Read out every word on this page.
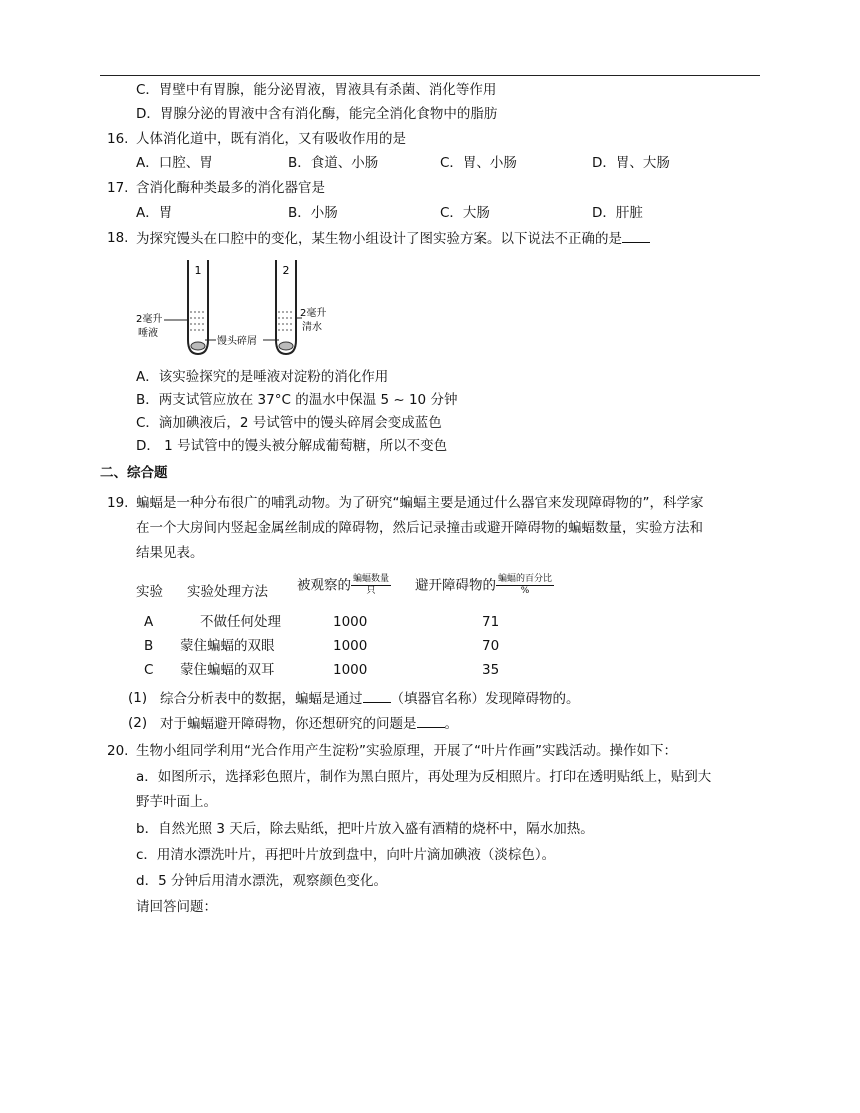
C．胃壁中有胃腺，能分泌胃液，胃液具有杀菌、消化等作用
D．胃腺分泌的胃液中含有消化酶，能完全消化食物中的脂肪
16. 人体消化道中，既有消化，又有吸收作用的是
A．口腔、胃	B．食道、小肠	C．胃、小肠	D．胃、大肠
17. 含消化酶种类最多的消化器官是
A．胃	B．小肠	C．大肠	D．肝脏
18. 为探究馒头在口腔中的变化，某生物小组设计了图实验方案。以下说法不正确的是
1	2
2毫升
唾液
2毫升
清水
馒头碎屑
A．该实验探究的是唾液对淀粉的消化作用
B．两支试管应放在 37°C 的温水中保温 5 ~ 10 分钟
C．滴加碘液后，2 号试管中的馒头碎屑会变成蓝色
D． 1 号试管中的馒头被分解成葡萄糖，所以不变色
二、综合题
19. 蝙蝠是一种分布很广的哺乳动物。为了研究“蝙蝠主要是通过什么器官来发现障碍物的”，科学家
在一个大房间内竖起金属丝制成的障碍物，然后记录撞击或避开障碍物的蝙蝠数量，实验方法和
结果见表。
实验 实验处理方法 被观察的 $\frac{\text{蝙蝠数量}}{\text{只}}$ 避开障碍物的 $\frac{\text{蝙蝠的百分比}}{\%}$
A	不做任何处理	1000	71
B 蒙住蝙蝠的双眼	1000	70
C 蒙住蝙蝠的双耳	1000	35
(1) 综合分析表中的数据，蝙蝠是通过 （填器官名称）发现障碍物的。
(2) 对于蝙蝠避开障碍物，你还想研究的问题是 。
20. 生物小组同学利用“光合作用产生淀粉”实验原理，开展了“叶片作画”实践活动。操作如下：
a．如图所示，选择彩色照片，制作为黑白照片，再处理为反相照片。打印在透明贴纸上，贴到大
野芋叶面上。
b．自然光照 3 天后，除去贴纸，把叶片放入盛有酒精的烧杯中，隔水加热。
c．用清水漂洗叶片，再把叶片放到盘中，向叶片滴加碘液（淡棕色）。
d．5 分钟后用清水漂洗，观察颜色变化。
请回答问题：
